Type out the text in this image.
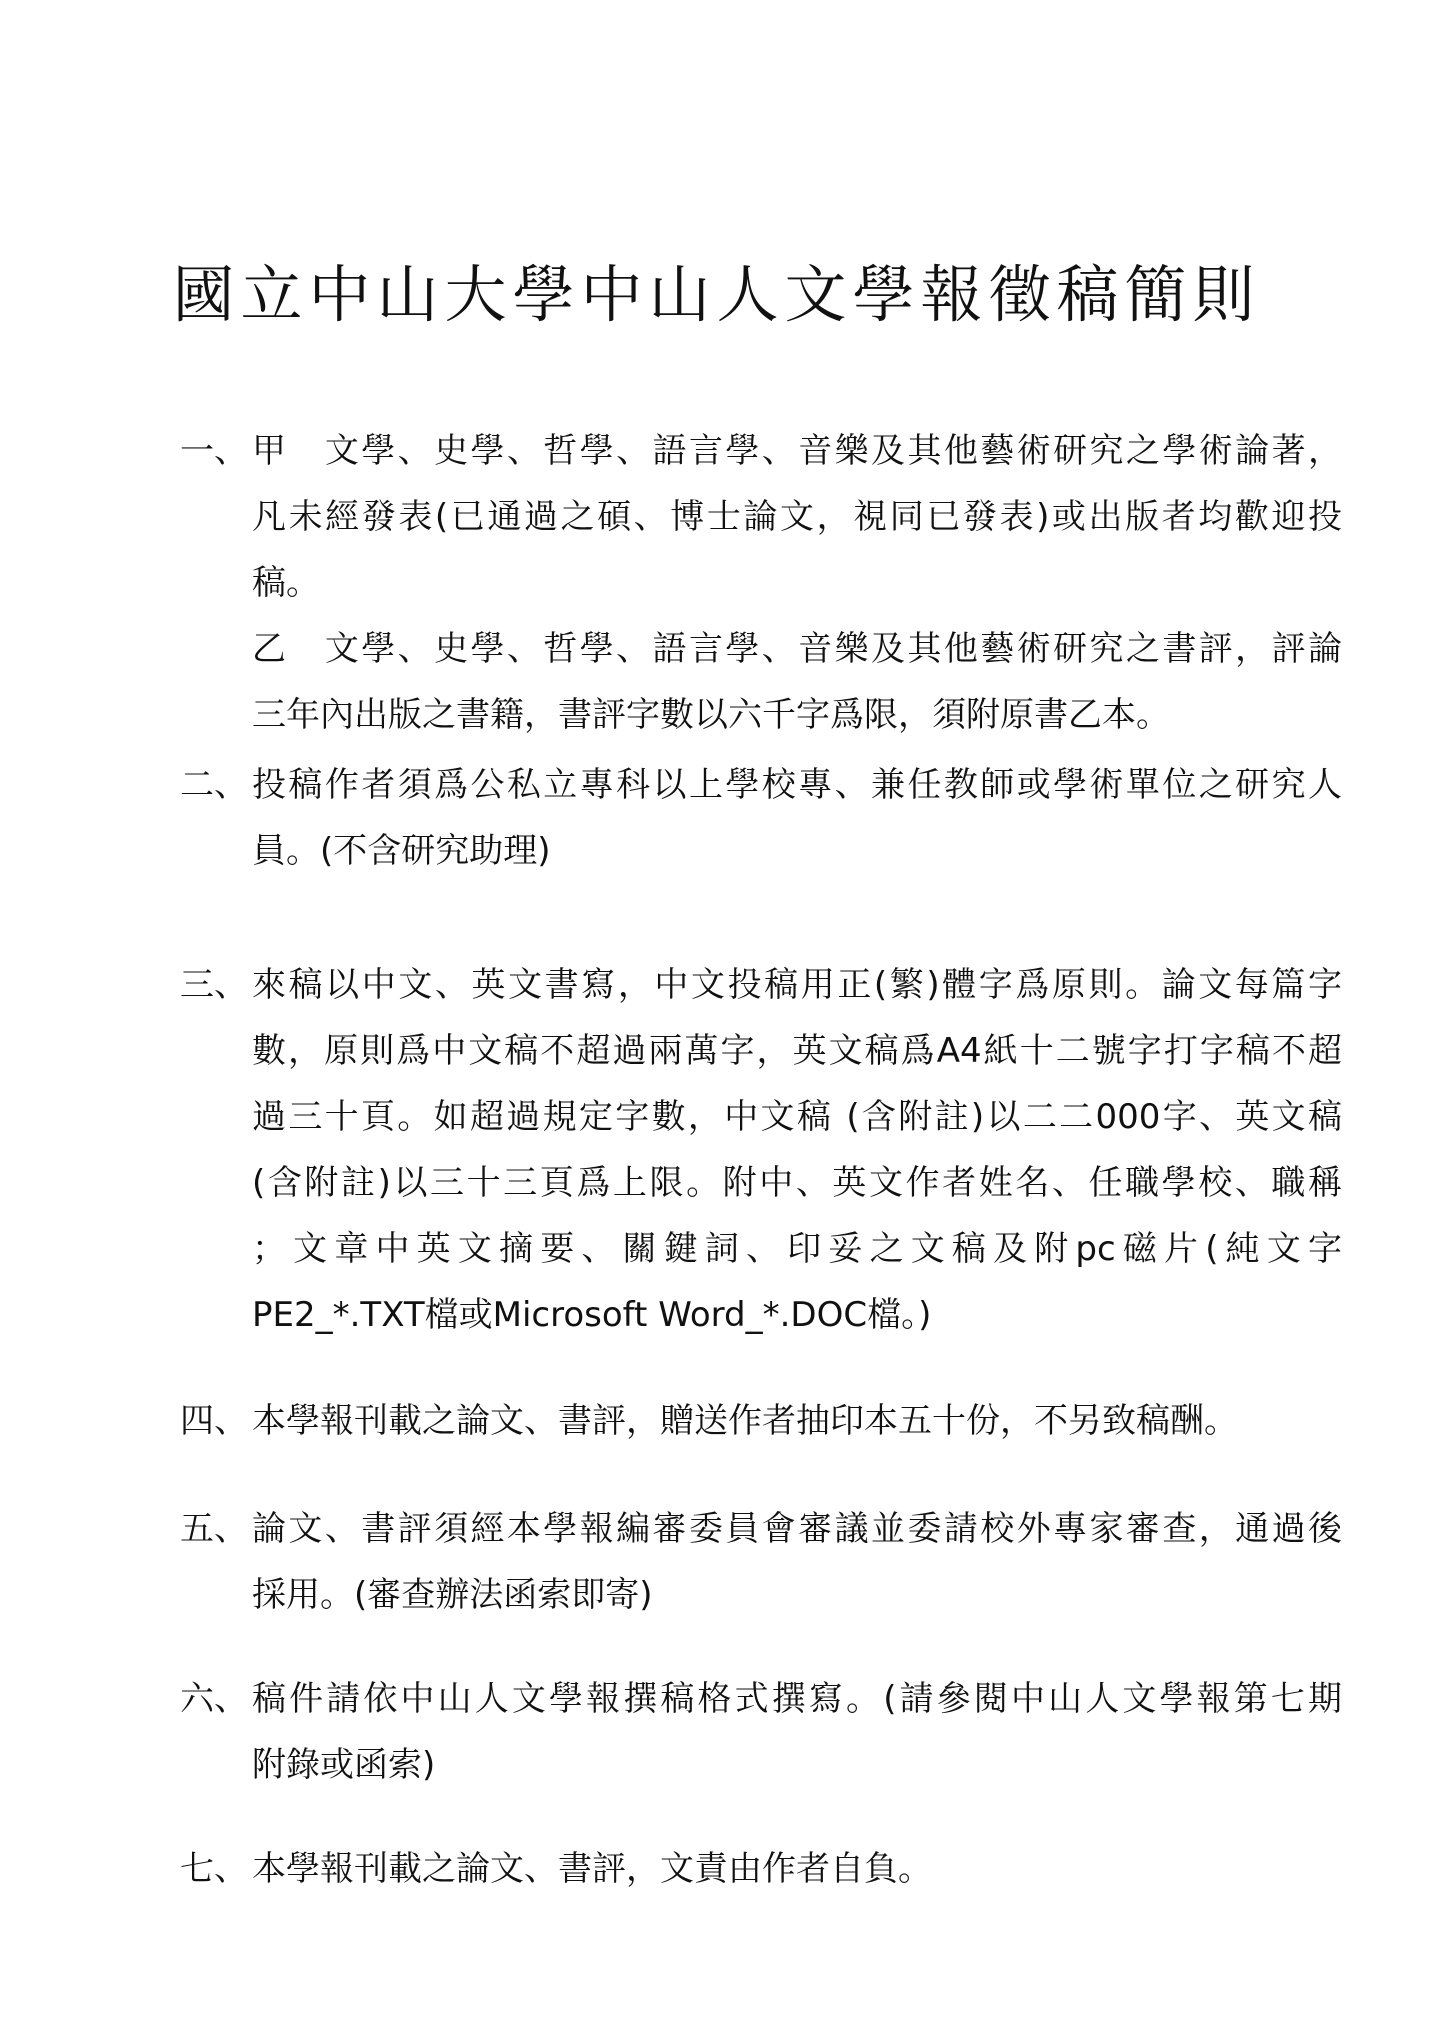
國立中山大學中山人文學報徵稿簡則
一、 甲　文學、史學、哲學、語言學、音樂及其他藝術研究之學術論著，
凡未經發表(已通過之碩、博士論文，視同已發表)或出版者均歡迎投
稿。
乙　文學、史學、哲學、語言學、音樂及其他藝術研究之書評，評論
三年內出版之書籍，書評字數以六千字爲限，須附原書乙本。
二、 投稿作者須爲公私立專科以上學校專、兼任教師或學術單位之研究人
員。(不含研究助理)
三、 來稿以中文、英文書寫，中文投稿用正(繁)體字爲原則。論文每篇字
數，原則爲中文稿不超過兩萬字，英文稿爲A4紙十二號字打字稿不超
過三十頁。如超過規定字數，中文稿 (含附註)以二二000字、英文稿
(含附註)以三十三頁爲上限。附中、英文作者姓名、任職學校、職稱
；文章中英文摘要、關鍵詞、印妥之文稿及附pc磁片(純文字
PE2_*.TXT檔或Microsoft Word_*.DOC檔。)
四、 本學報刊載之論文、書評，贈送作者抽印本五十份，不另致稿酬。
五、 論文、書評須經本學報編審委員會審議並委請校外專家審查，通過後
採用。(審查辦法函索即寄)
六、 稿件請依中山人文學報撰稿格式撰寫。(請參閱中山人文學報第七期
附錄或函索)
七、 本學報刊載之論文、書評，文責由作者自負。
